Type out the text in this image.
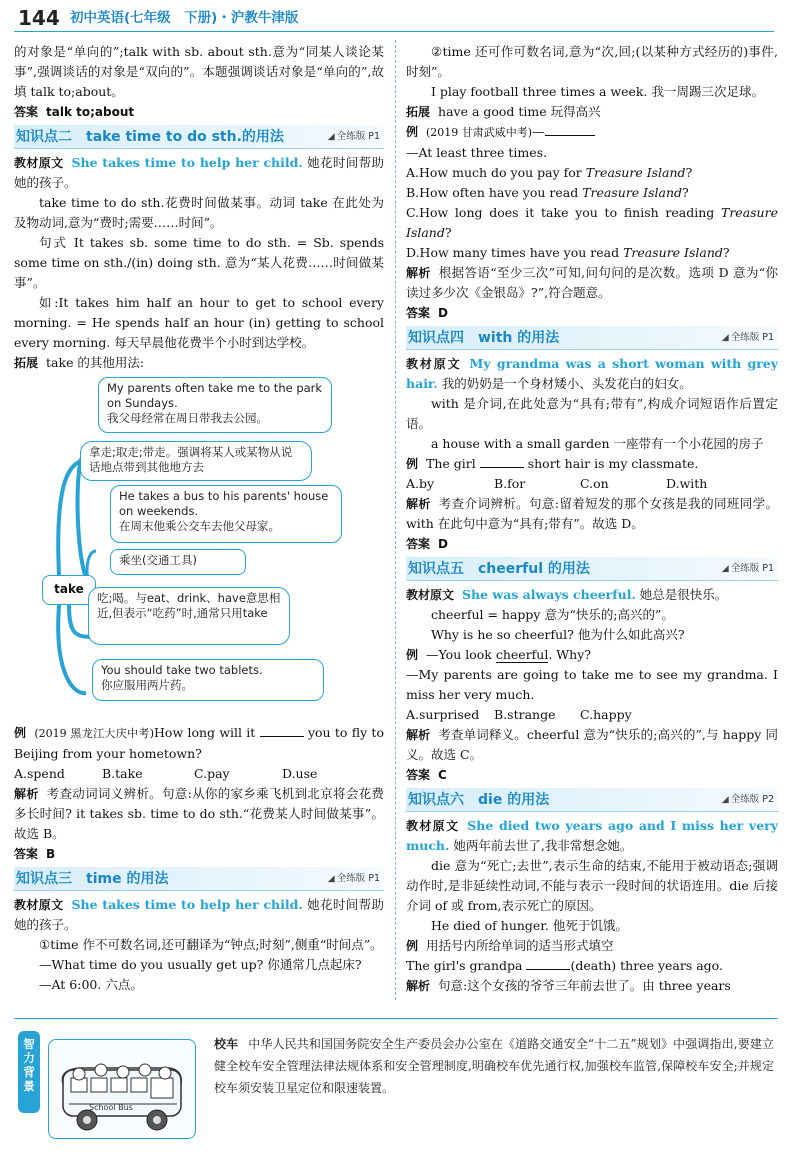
144 初中英语(七年级　下册)・沪教牛津版

的对象是“单向的”;talk with sb. about sth.意为“同某人谈论某事”,强调谈话的对象是“双向的”。本题强调谈话对象是“单向的”,故填 talk to;about。

答案 talk to;about

知识点二　take time to do sth.的用法	◢ 全练版 P1

教材原文 She takes time to help her child. 她花时间帮助她的孩子。

take time to do sth.花费时间做某事。动词 take 在此处为及物动词,意为“费时;需要……时间”。

句式 It takes sb. some time to do sth. = Sb. spends some time on sth./(in) doing sth. 意为“某人花费……时间做某事”。

如:It takes him half an hour to get to school every morning. = He spends half an hour (in) getting to school every morning. 每天早晨他花费半个小时到达学校。

拓展 take 的其他用法:

My parents often take me to the park on Sundays.
我父母经常在周日带我去公园。
拿走;取走;带走。强调将某人或某物从说话地点带到其他地方去
He takes a bus to his parents' house on weekends.
在周末他乘公交车去他父母家。
take
乘坐(交通工具)
吃;喝。与eat、drink、have意思相近,但表示“吃药”时,通常只用take
You should take two tablets.
你应服用两片药。

例 (2019 黑龙江大庆中考)How long will it	you to fly to Beijing from your hometown?

A.spend	B.take	C.pay	D.use

解析 考查动词词义辨析。句意:从你的家乡乘飞机到北京将会花费多长时间? it takes sb. time to do sth.“花费某人时间做某事”。故选 B。

答案 B

知识点三　time 的用法	◢ 全练版 P1

教材原文 She takes time to help her child. 她花时间帮助她的孩子。

①time 作不可数名词,还可翻译为“钟点;时刻”,侧重“时间点”。

—What time do you usually get up? 你通常几点起床?

—At 6:00. 六点。

②time 还可作可数名词,意为“次,回;(以某种方式经历的)事件,时刻”。

I play football three times a week. 我一周踢三次足球。

拓展 have a good time 玩得高兴

例 (2019 甘肃武威中考)—

—At least three times.

A.How much do you pay for Treasure Island?

B.How often have you read Treasure Island?

C.How long does it take you to finish reading Treasure Island?

D.How many times have you read Treasure Island?

解析 根据答语“至少三次”可知,问句问的是次数。选项 D 意为“你读过多少次《金银岛》?”,符合题意。

答案 D

知识点四　with 的用法	◢ 全练版 P1

教材原文 My grandma was a short woman with grey hair. 我的奶奶是一个身材矮小、头发花白的妇女。

with 是介词,在此处意为“具有;带有”,构成介词短语作后置定语。

a house with a small garden 一座带有一个小花园的房子

例 The girl	short hair is my classmate.

A.by	B.for	C.on	D.with

解析 考查介词辨析。句意:留着短发的那个女孩是我的同班同学。with 在此句中意为“具有;带有”。故选 D。

答案 D

知识点五　cheerful 的用法	◢ 全练版 P1

教材原文 She was always cheerful. 她总是很快乐。

cheerful = happy 意为“快乐的;高兴的”。

Why is he so cheerful? 他为什么如此高兴?

例 —You look cheerful. Why?

—My parents are going to take me to see my grandma. I miss her very much.

A.surprised B.strange C.happy

解析 考查单词释义。cheerful 意为“快乐的;高兴的”,与 happy 同义。故选 C。

答案 C

知识点六　die 的用法	◢ 全练版 P2

教材原文 She died two years ago and I miss her very much. 她两年前去世了,我非常想念她。

die 意为“死亡;去世”,表示生命的结束,不能用于被动语态;强调动作时,是非延续性动词,不能与表示一段时间的状语连用。die 后接介词 of 或 from,表示死亡的原因。

He died of hunger. 他死于饥饿。

例 用括号内所给单词的适当形式填空

The girl's grandpa	(death) three years ago.

解析 句意:这个女孩的爷爷三年前去世了。由 three years

智力背景
School Bus
校车 中华人民共和国国务院安全生产委员会办公室在《道路交通安全“十二五”规划》中强调指出,要建立健全校车安全管理法律法规体系和安全管理制度,明确校车优先通行权,加强校车监管,保障校车安全;并规定校车须安装卫星定位和限速装置。
